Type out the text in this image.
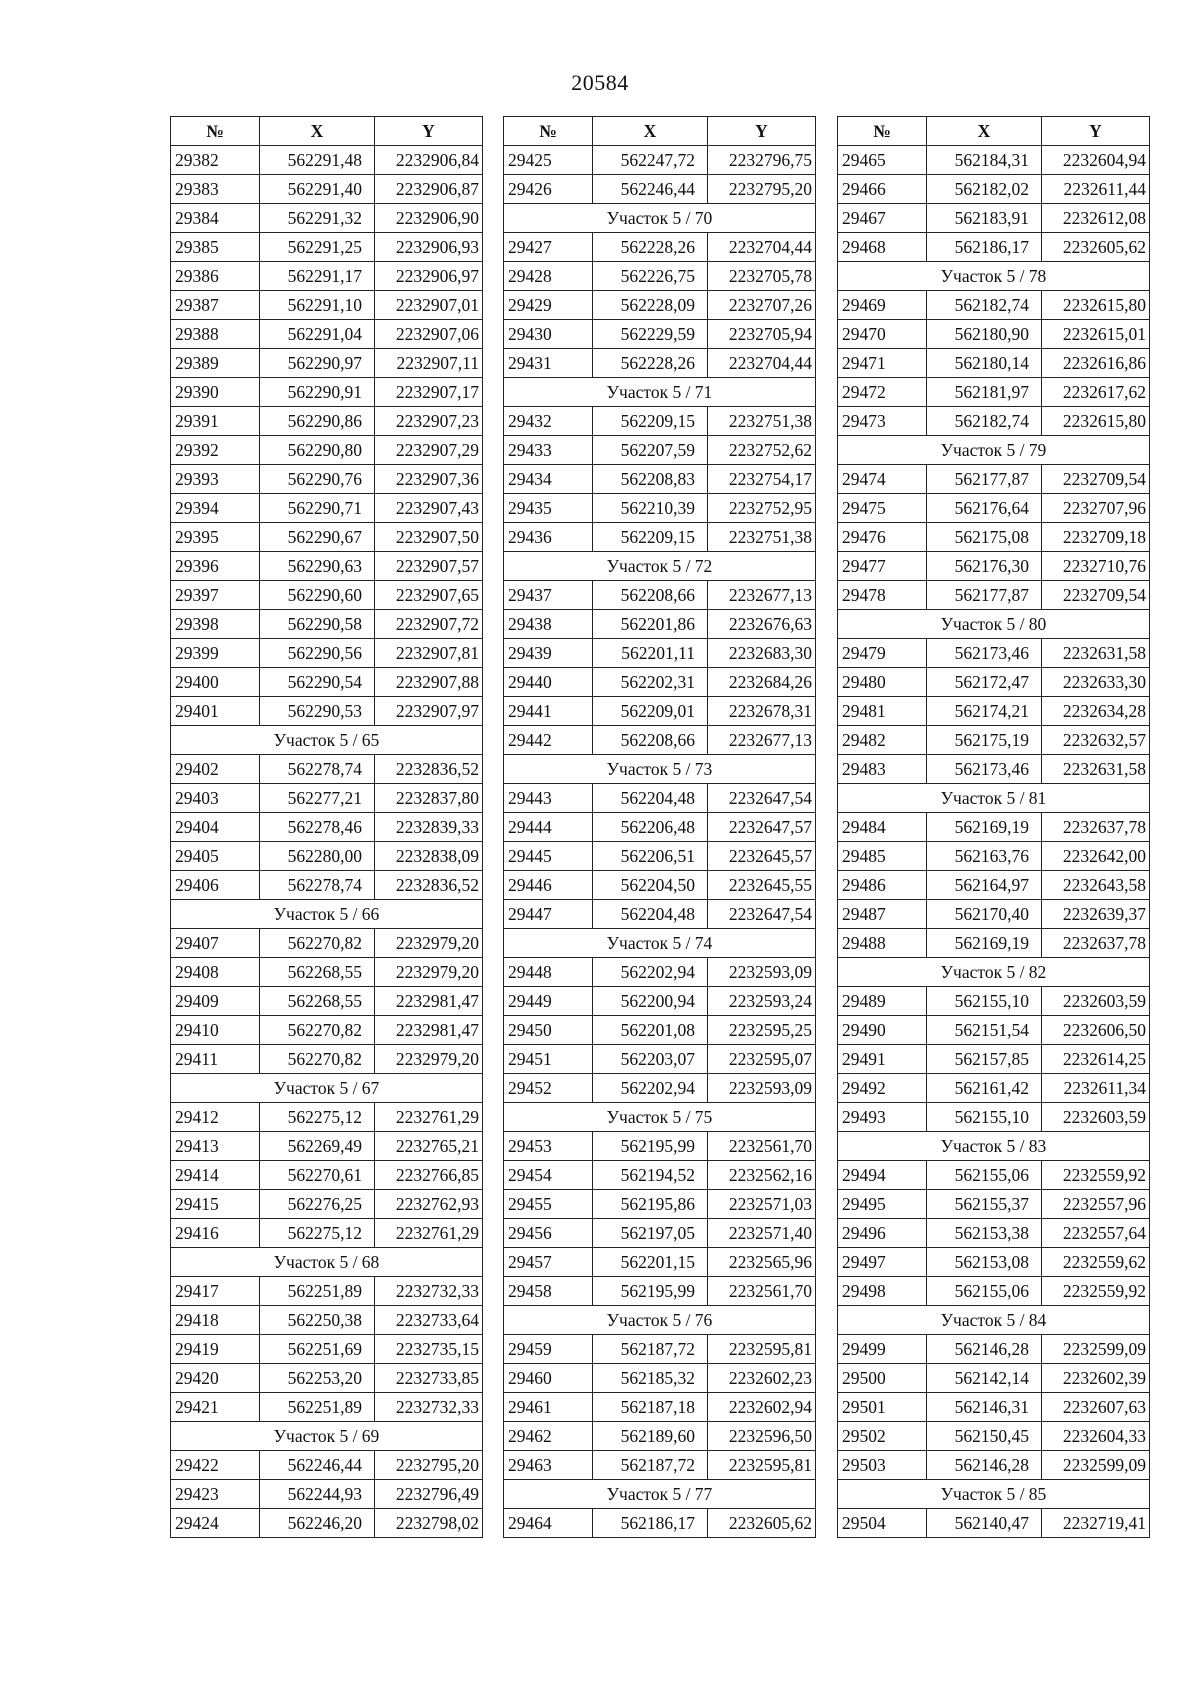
20584
№	X	Y
29382	562291,48	2232906,84
29383	562291,40	2232906,87
29384	562291,32	2232906,90
29385	562291,25	2232906,93
29386	562291,17	2232906,97
29387	562291,10	2232907,01
29388	562291,04	2232907,06
29389	562290,97	2232907,11
29390	562290,91	2232907,17
29391	562290,86	2232907,23
29392	562290,80	2232907,29
29393	562290,76	2232907,36
29394	562290,71	2232907,43
29395	562290,67	2232907,50
29396	562290,63	2232907,57
29397	562290,60	2232907,65
29398	562290,58	2232907,72
29399	562290,56	2232907,81
29400	562290,54	2232907,88
29401	562290,53	2232907,97
Участок 5 / 65		
29402	562278,74	2232836,52
29403	562277,21	2232837,80
29404	562278,46	2232839,33
29405	562280,00	2232838,09
29406	562278,74	2232836,52
Участок 5 / 66		
29407	562270,82	2232979,20
29408	562268,55	2232979,20
29409	562268,55	2232981,47
29410	562270,82	2232981,47
29411	562270,82	2232979,20
Участок 5 / 67		
29412	562275,12	2232761,29
29413	562269,49	2232765,21
29414	562270,61	2232766,85
29415	562276,25	2232762,93
29416	562275,12	2232761,29
Участок 5 / 68		
29417	562251,89	2232732,33
29418	562250,38	2232733,64
29419	562251,69	2232735,15
29420	562253,20	2232733,85
29421	562251,89	2232732,33
Участок 5 / 69		
29422	562246,44	2232795,20
29423	562244,93	2232796,49
29424	562246,20	2232798,02
№	X	Y
29425	562247,72	2232796,75
29426	562246,44	2232795,20
Участок 5 / 70		
29427	562228,26	2232704,44
29428	562226,75	2232705,78
29429	562228,09	2232707,26
29430	562229,59	2232705,94
29431	562228,26	2232704,44
Участок 5 / 71		
29432	562209,15	2232751,38
29433	562207,59	2232752,62
29434	562208,83	2232754,17
29435	562210,39	2232752,95
29436	562209,15	2232751,38
Участок 5 / 72		
29437	562208,66	2232677,13
29438	562201,86	2232676,63
29439	562201,11	2232683,30
29440	562202,31	2232684,26
29441	562209,01	2232678,31
29442	562208,66	2232677,13
Участок 5 / 73		
29443	562204,48	2232647,54
29444	562206,48	2232647,57
29445	562206,51	2232645,57
29446	562204,50	2232645,55
29447	562204,48	2232647,54
Участок 5 / 74		
29448	562202,94	2232593,09
29449	562200,94	2232593,24
29450	562201,08	2232595,25
29451	562203,07	2232595,07
29452	562202,94	2232593,09
Участок 5 / 75		
29453	562195,99	2232561,70
29454	562194,52	2232562,16
29455	562195,86	2232571,03
29456	562197,05	2232571,40
29457	562201,15	2232565,96
29458	562195,99	2232561,70
Участок 5 / 76		
29459	562187,72	2232595,81
29460	562185,32	2232602,23
29461	562187,18	2232602,94
29462	562189,60	2232596,50
29463	562187,72	2232595,81
Участок 5 / 77		
29464	562186,17	2232605,62
№	X	Y
29465	562184,31	2232604,94
29466	562182,02	2232611,44
29467	562183,91	2232612,08
29468	562186,17	2232605,62
Участок 5 / 78		
29469	562182,74	2232615,80
29470	562180,90	2232615,01
29471	562180,14	2232616,86
29472	562181,97	2232617,62
29473	562182,74	2232615,80
Участок 5 / 79		
29474	562177,87	2232709,54
29475	562176,64	2232707,96
29476	562175,08	2232709,18
29477	562176,30	2232710,76
29478	562177,87	2232709,54
Участок 5 / 80		
29479	562173,46	2232631,58
29480	562172,47	2232633,30
29481	562174,21	2232634,28
29482	562175,19	2232632,57
29483	562173,46	2232631,58
Участок 5 / 81		
29484	562169,19	2232637,78
29485	562163,76	2232642,00
29486	562164,97	2232643,58
29487	562170,40	2232639,37
29488	562169,19	2232637,78
Участок 5 / 82		
29489	562155,10	2232603,59
29490	562151,54	2232606,50
29491	562157,85	2232614,25
29492	562161,42	2232611,34
29493	562155,10	2232603,59
Участок 5 / 83		
29494	562155,06	2232559,92
29495	562155,37	2232557,96
29496	562153,38	2232557,64
29497	562153,08	2232559,62
29498	562155,06	2232559,92
Участок 5 / 84		
29499	562146,28	2232599,09
29500	562142,14	2232602,39
29501	562146,31	2232607,63
29502	562150,45	2232604,33
29503	562146,28	2232599,09
Участок 5 / 85		
29504	562140,47	2232719,41
